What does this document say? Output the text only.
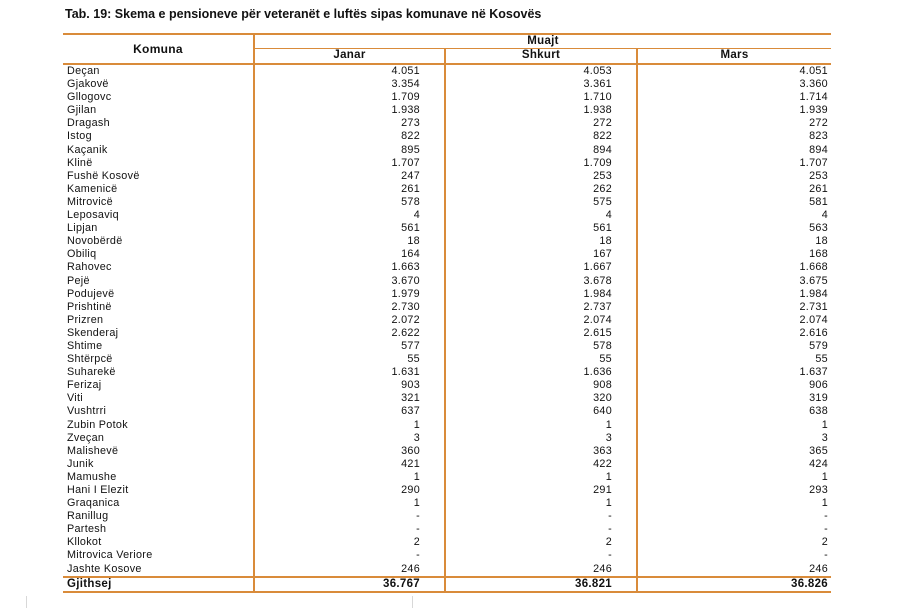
Tab. 19: Skema e pensioneve për veteranët e luftës sipas komunave në Kosovës
Komuna	Muajt		
	Janar	Shkurt	Mars
Deçan	4.051	4.053	4.051
Gjakovë	3.354	3.361	3.360
Gllogovc	1.709	1.710	1.714
Gjilan	1.938	1.938	1.939
Dragash	273	272	272
Istog	822	822	823
Kaçanik	895	894	894
Klinë	1.707	1.709	1.707
Fushë Kosovë	247	253	253
Kamenicë	261	262	261
Mitrovicë	578	575	581
Leposaviq	4	4	4
Lipjan	561	561	563
Novobërdë	18	18	18
Obiliq	164	167	168
Rahovec	1.663	1.667	1.668
Pejë	3.670	3.678	3.675
Podujevë	1.979	1.984	1.984
Prishtinë	2.730	2.737	2.731
Prizren	2.072	2.074	2.074
Skenderaj	2.622	2.615	2.616
Shtime	577	578	579
Shtërpcë	55	55	55
Suharekë	1.631	1.636	1.637
Ferizaj	903	908	906
Viti	321	320	319
Vushtrri	637	640	638
Zubin Potok	1	1	1
Zveçan	3	3	3
Malishevë	360	363	365
Junik	421	422	424
Mamushe	1	1	1
Hani I Elezit	290	291	293
Graqanica	1	1	1
Ranillug	-	-	-
Partesh	-	-	-
Kllokot	2	2	2
Mitrovica Veriore	-	-	-
Jashte Kosove	246	246	246
Gjithsej	36.767	36.821	36.826
